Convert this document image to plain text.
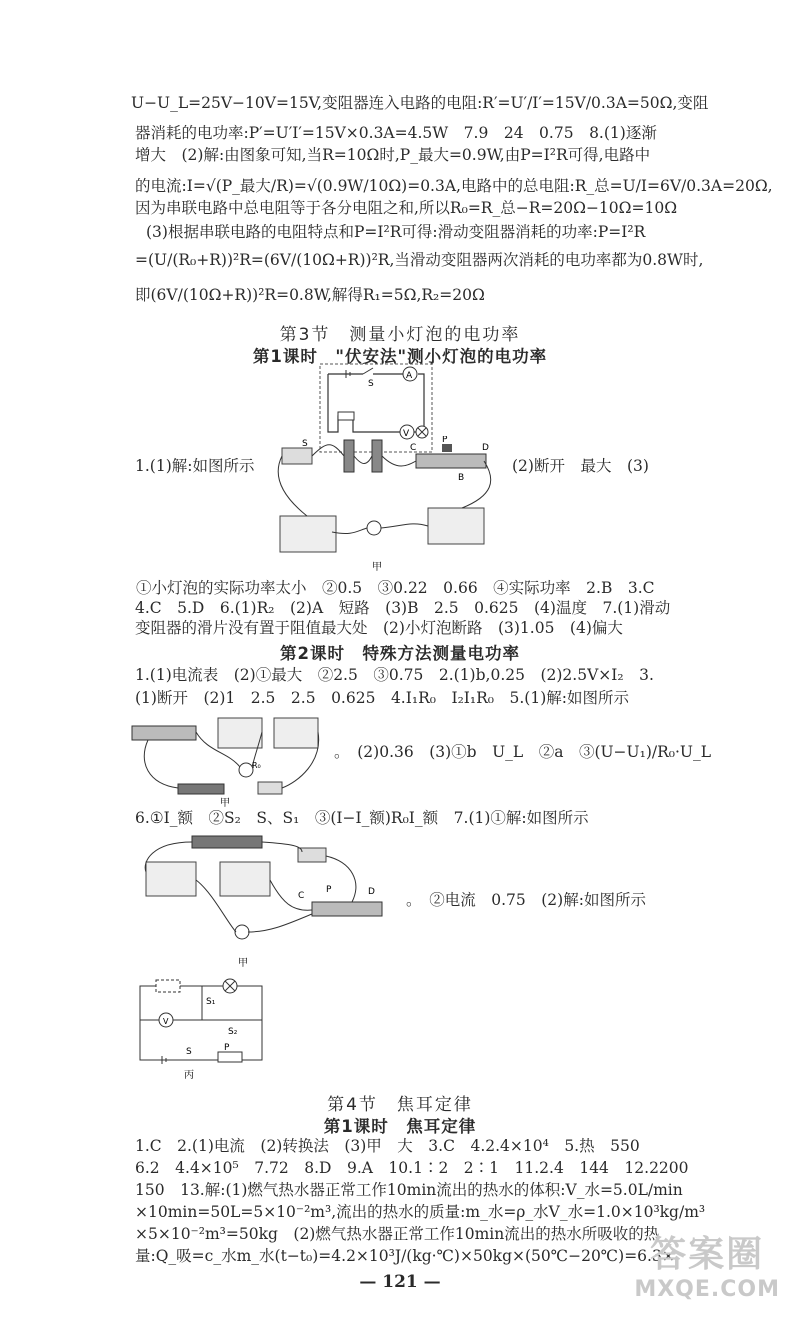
U−U_L=25V−10V=15V,变阻器连入电路的电阻:R′=U′/I′=15V/0.3A=50Ω,变阻
器消耗的电功率:P′=U′I′=15V×0.3A=4.5W　7.9　24　0.75　8.(1)逐渐
增大　(2)解:由图象可知,当R=10Ω时,P_最大=0.9W,由P=I²R可得,电路中
的电流:I=√(P_最大/R)=√(0.9W/10Ω)=0.3A,电路中的总电阻:R_总=U/I=6V/0.3A=20Ω,
因为串联电路中总电阻等于各分电阻之和,所以R₀=R_总−R=20Ω−10Ω=10Ω
(3)根据串联电路的电阻特点和P=I²R可得:滑动变阻器消耗的功率:P=I²R
=(U/(R₀+R))²R=(6V/(10Ω+R))²R,当滑动变阻器两次消耗的电功率都为0.8W时,
即(6V/(10Ω+R))²R=0.8W,解得R₁=5Ω,R₂=20Ω
第3节　测量小灯泡的电功率
第1课时　"伏安法"测小灯泡的电功率
A
V
S
1.(1)解:如图所示
S	C
P
D
B
甲
(2)断开　最大　(3)
①小灯泡的实际功率太小　②0.5　③0.22　0.66　④实际功率　2.B　3.C
4.C　5.D　6.(1)R₂　(2)A　短路　(3)B　2.5　0.625　(4)温度　7.(1)滑动
变阻器的滑片没有置于阻值最大处　(2)小灯泡断路　(3)1.05　(4)偏大
第2课时　特殊方法测量电功率
1.(1)电流表　(2)①最大　②2.5　③0.75　2.(1)b,0.25　(2)2.5V×I₂　3.
(1)断开　(2)1　2.5　2.5　0.625　4.I₁R₀　I₂I₁R₀　5.(1)解:如图所示
甲
R₀
。　(2)0.36　(3)①b　U_L　②a　③(U−U₁)/R₀·U_L
6.①I_额　②S₂　S、S₁　③(I−I_额)R₀I_额　7.(1)①解:如图所示
C
P	D
甲
。　②电流　0.75　(2)解:如图所示
S₁
S₂
V
S	P
丙
第4节　焦耳定律
第1课时　焦耳定律
1.C　2.(1)电流　(2)转换法　(3)甲　大　3.C　4.2.4×10⁴　5.热　550
6.2　4.4×10⁵　7.72　8.D　9.A　10.1∶2　2∶1　11.2.4　144　12.2200
150　13.解:(1)燃气热水器正常工作10min流出的热水的体积:V_水=5.0L/min
×10min=50L=5×10⁻²m³,流出的热水的质量:m_水=ρ_水V_水=1.0×10³kg/m³
×5×10⁻²m³=50kg　(2)燃气热水器正常工作10min流出的热水所吸收的热
量:Q_吸=c_水m_水(t−t₀)=4.2×10³J/(kg·℃)×50kg×(50℃−20℃)=6.3×
— 121 —
答案圈
MXQE.COM
